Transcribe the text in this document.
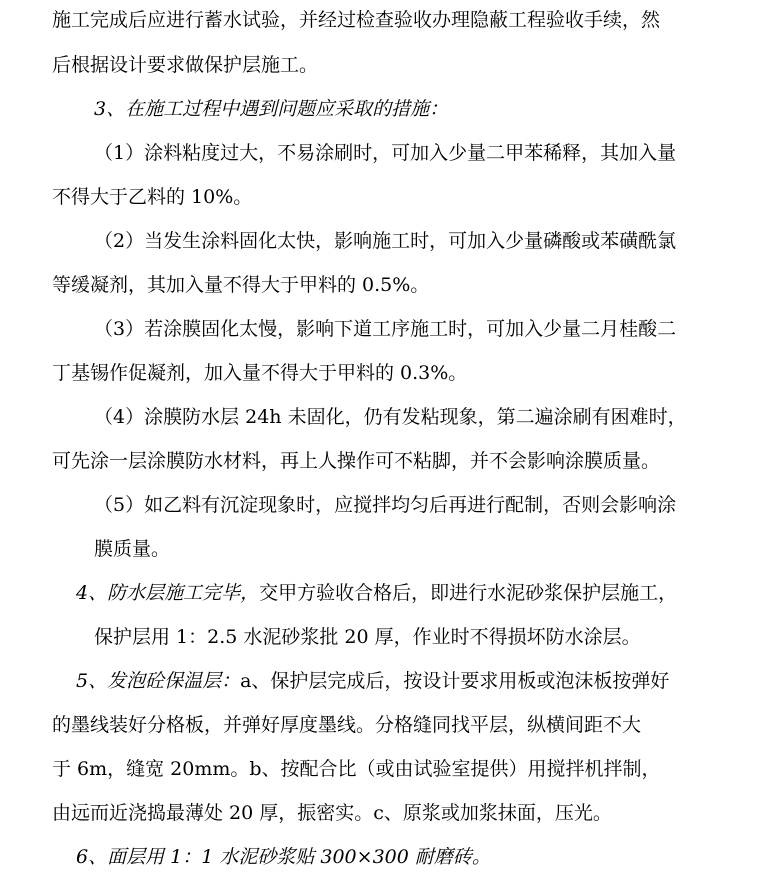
施工完成后应进行蓄水试验，并经过检查验收办理隐蔽工程验收手续，然
后根据设计要求做保护层施工。
3、在施工过程中遇到问题应采取的措施：
（1）涂料粘度过大，不易涂刷时，可加入少量二甲苯稀释，其加入量
不得大于乙料的 10%。
（2）当发生涂料固化太快，影响施工时，可加入少量磷酸或苯磺酰氯
等缓凝剂，其加入量不得大于甲料的 0.5%。
（3）若涂膜固化太慢，影响下道工序施工时，可加入少量二月桂酸二
丁基锡作促凝剂，加入量不得大于甲料的 0.3%。
（4）涂膜防水层 24h 未固化，仍有发粘现象，第二遍涂刷有困难时，
可先涂一层涂膜防水材料，再上人操作可不粘脚，并不会影响涂膜质量。
（5）如乙料有沉淀现象时，应搅拌均匀后再进行配制，否则会影响涂
膜质量。
4、防水层施工完毕，交甲方验收合格后，即进行水泥砂浆保护层施工，
保护层用 1：2.5 水泥砂浆批 20 厚，作业时不得损坏防水涂层。
5、发泡砼保温层：a、保护层完成后，按设计要求用板或泡沫板按弹好
的墨线装好分格板，并弹好厚度墨线。分格缝同找平层，纵横间距不大
于 6m，缝宽 20mm。b、按配合比（或由试验室提供）用搅拌机拌制，
由远而近浇捣最薄处 20 厚，振密实。c、原浆或加浆抹面，压光。
6、面层用 1：1 水泥砂浆贴 300×300 耐磨砖。
